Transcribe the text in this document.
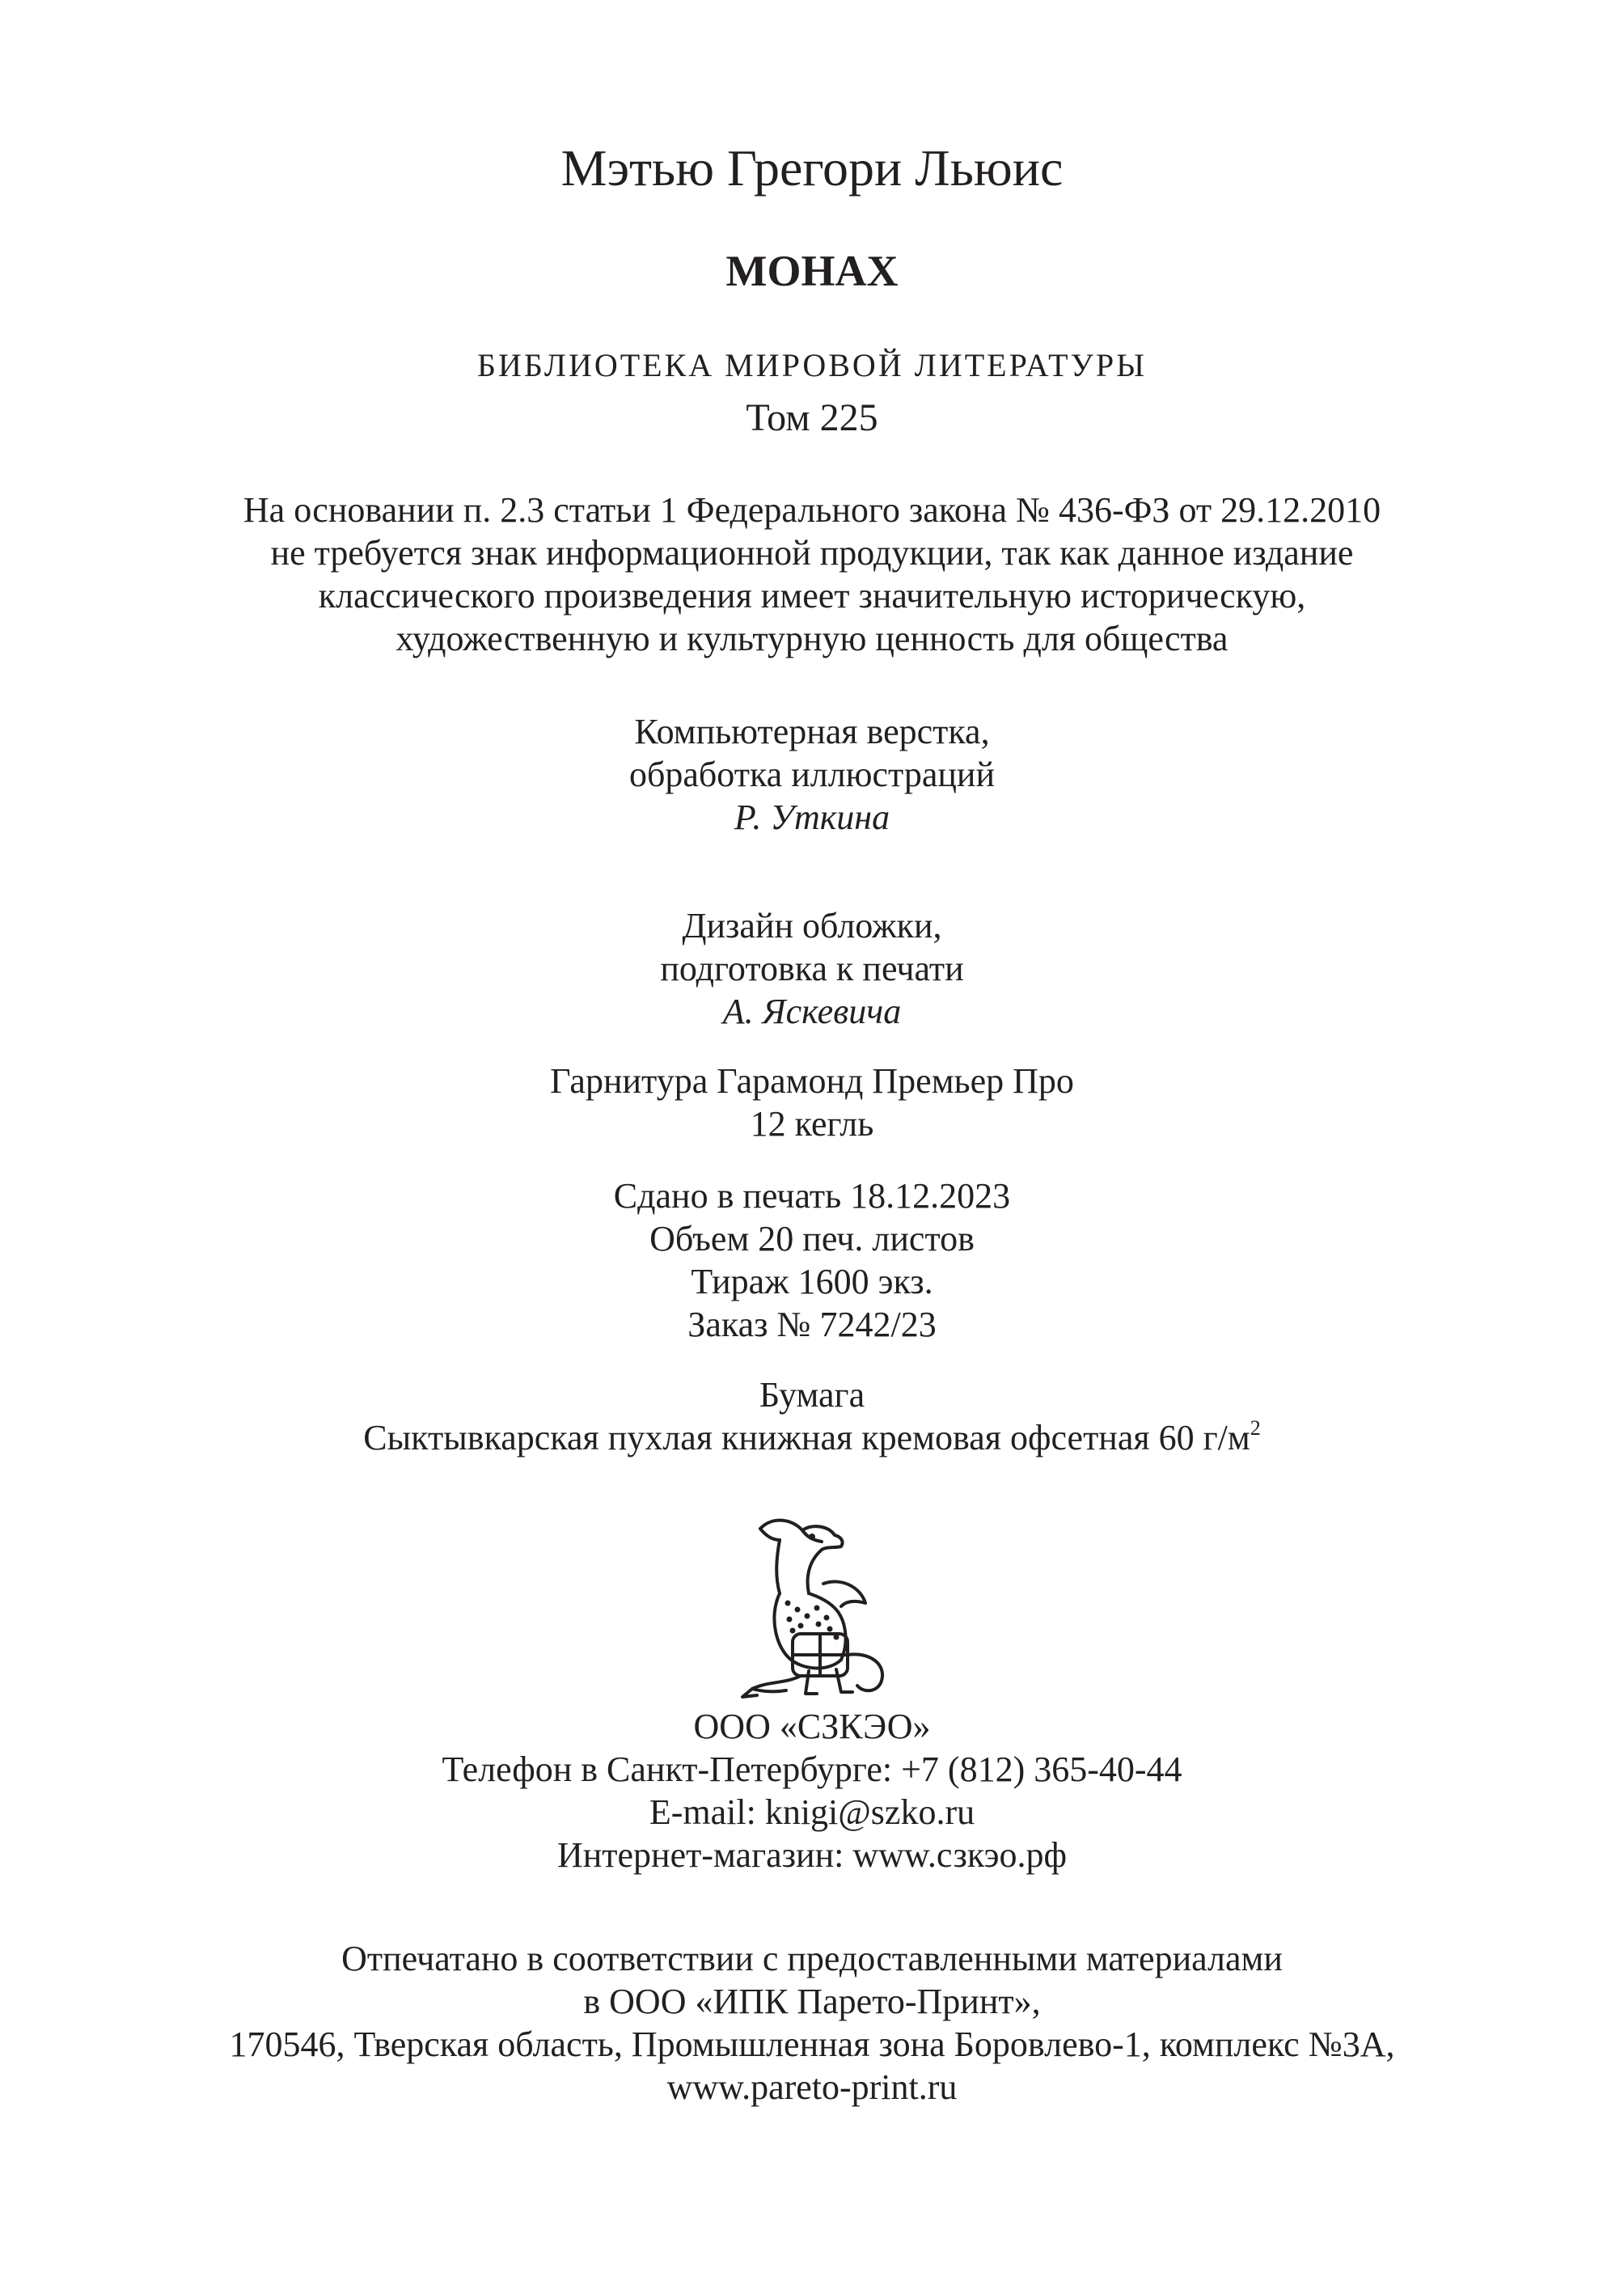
Мэтью Грегори Льюис
МОНАХ
БИБЛИОТЕКА МИРОВОЙ ЛИТЕРАТУРЫ
Том 225
На основании п. 2.3 статьи 1 Федерального закона № 436-ФЗ от 29.12.2010
не требуется знак информационной продукции, так как данное издание
классического произведения имеет значительную историческую,
художественную и культурную ценность для общества
Компьютерная верстка,
обработка иллюстраций
Р. Уткина
Дизайн обложки,
подготовка к печати
А. Яскевича
Гарнитура Гарамонд Премьер Про
12 кегль
Сдано в печать 18.12.2023
Объем 20 печ. листов
Тираж 1600 экз.
Заказ № 7242/23
Бумага
Сыктывкарская пухлая книжная кремовая офсетная 60 $г/м^2$
ООО «СЗКЭО»
Телефон в Санкт-Петербурге: +7 (812) 365-40-44
E-mail: knigi@szko.ru
Интернет-магазин: www.сзкэо.рф
Отпечатано в соответствии с предоставленными материалами
в ООО «ИПК Парето-Принт»,
170546, Тверская область, Промышленная зона Боровлево-1, комплекс №3А,
www.pareto-print.ru
